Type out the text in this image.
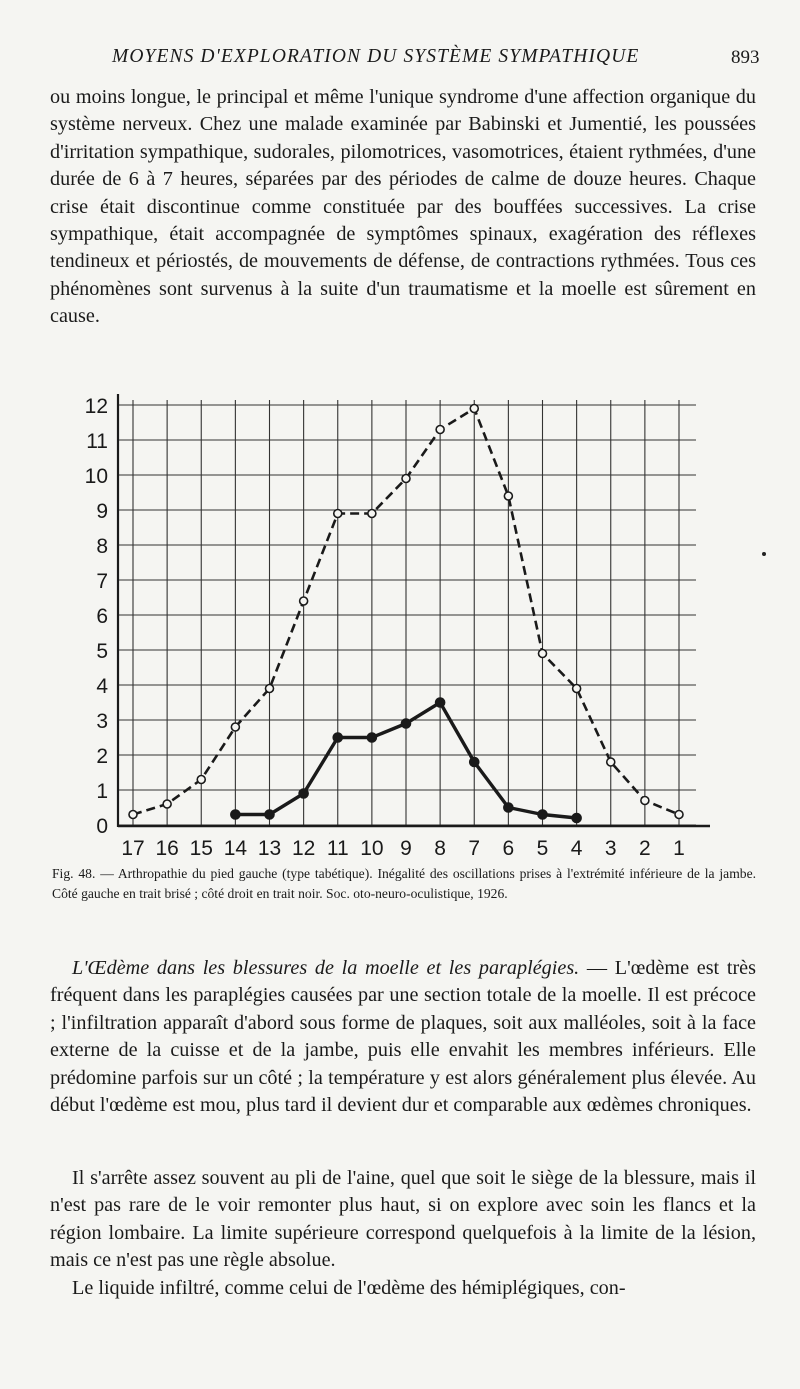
MOYENS D'EXPLORATION DU SYSTÈME SYMPATHIQUE	893

ou moins longue, le principal et même l'unique syndrome d'une affection organique du système nerveux. Chez une malade examinée par Babinski et Jumentié, les poussées d'irritation sympathique, sudorales, pilomotrices, vasomotrices, étaient rythmées, d'une durée de 6 à 7 heures, séparées par des périodes de calme de douze heures. Chaque crise était discontinue comme constituée par des bouffées successives. La crise sympathique, était accompagnée de symptômes spinaux, exagération des réflexes tendineux et périostés, de mouvements de défense, de contractions rythmées. Tous ces phénomènes sont survenus à la suite d'un traumatisme et la moelle est sûrement en cause.

0
1
2
3
4
5
6
7
8
9
10
11
12
17 16 15 14 13 12 11 10 9 8 7 6 5 4 3 2 1
Fig. 48. — Arthropathie du pied gauche (type tabétique). Inégalité des oscillations prises à l'extrémité inférieure de la jambe. Côté gauche en trait brisé ; côté droit en trait noir. Soc. oto-neuro-oculistique, 1926.

L'Œdème dans les blessures de la moelle et les paraplégies. — L'œdème est très fréquent dans les paraplégies causées par une section totale de la moelle. Il est précoce ; l'infiltration apparaît d'abord sous forme de plaques, soit aux malléoles, soit à la face externe de la cuisse et de la jambe, puis elle envahit les membres inférieurs. Elle prédomine parfois sur un côté ; la température y est alors généralement plus élevée. Au début l'œdème est mou, plus tard il devient dur et comparable aux œdèmes chroniques.

Il s'arrête assez souvent au pli de l'aine, quel que soit le siège de la blessure, mais il n'est pas rare de le voir remonter plus haut, si on explore avec soin les flancs et la région lombaire. La limite supérieure correspond quelquefois à la limite de la lésion, mais ce n'est pas une règle absolue.

Le liquide infiltré, comme celui de l'œdème des hémiplégiques, con-
